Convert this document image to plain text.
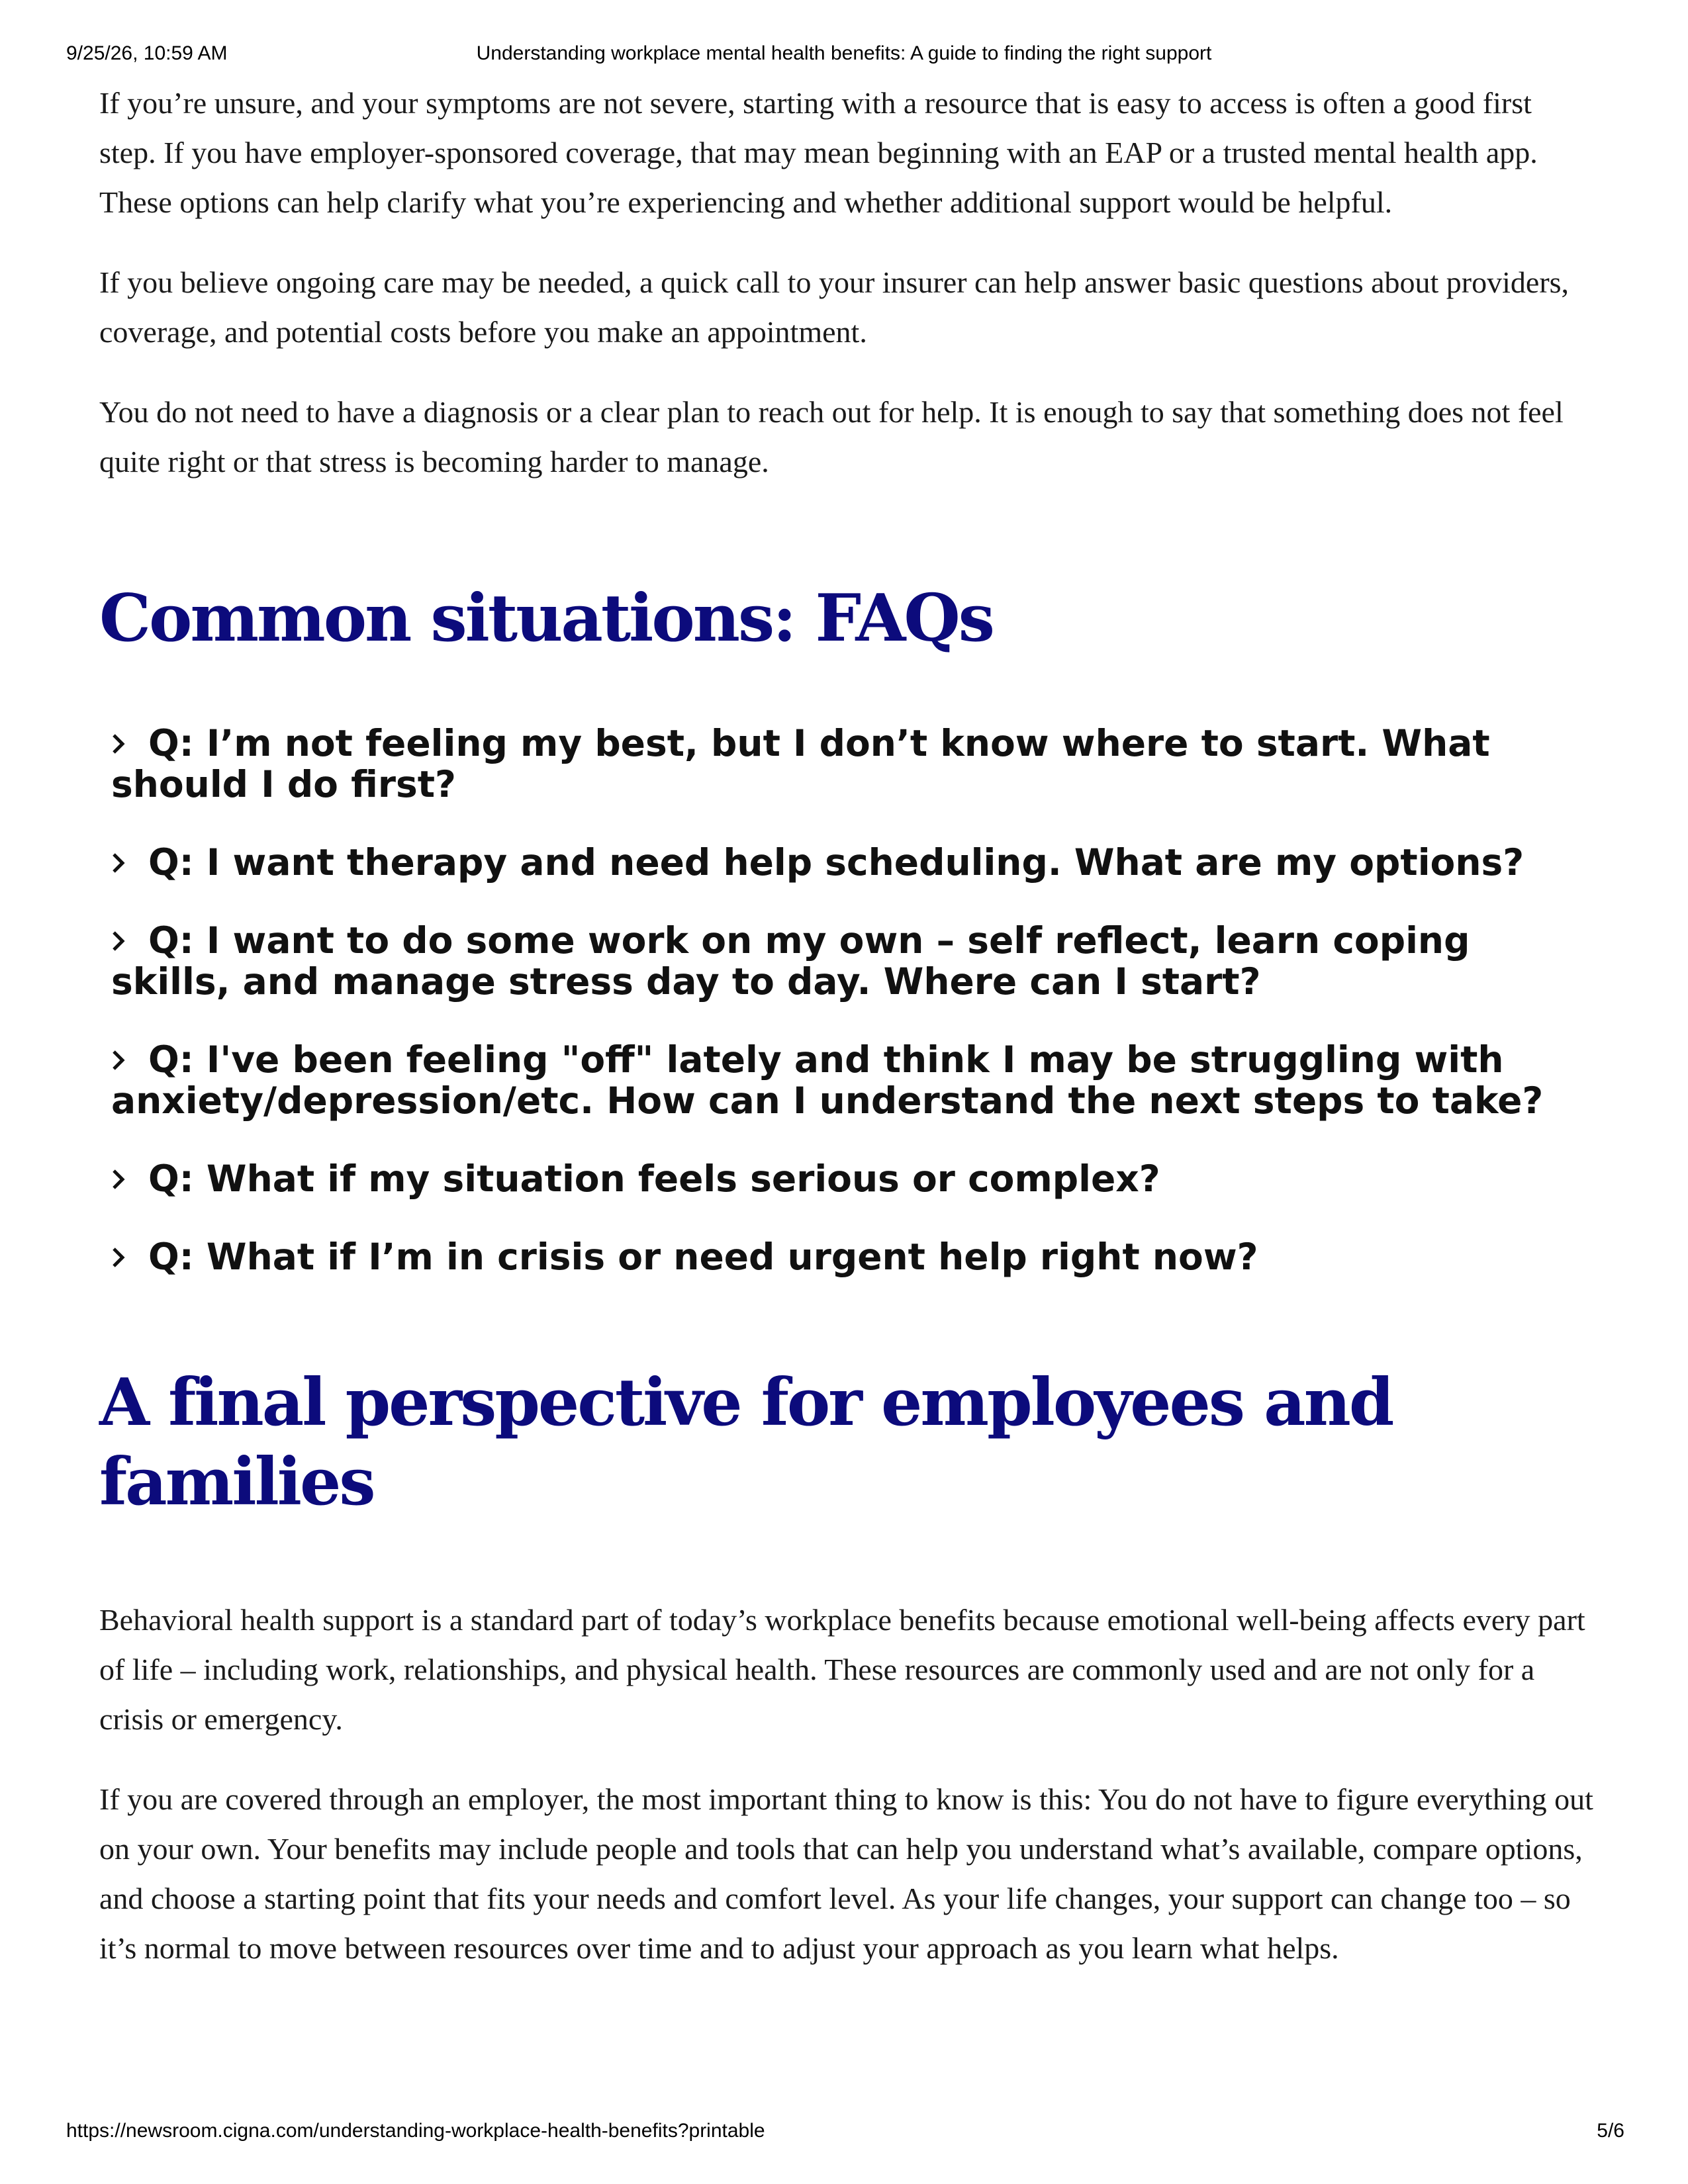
9/25/26, 10:59 AM	Understanding workplace mental health benefits: A guide to finding the right support

If you’re unsure, and your symptoms are not severe, starting with a resource that is easy to access is often a good first step. If you have employer-sponsored coverage, that may mean beginning with an EAP or a trusted mental health app. These options can help clarify what you’re experiencing and whether additional support would be helpful.

If you believe ongoing care may be needed, a quick call to your insurer can help answer basic questions about providers, coverage, and potential costs before you make an appointment.

You do not need to have a diagnosis or a clear plan to reach out for help. It is enough to say that something does not feel quite right or that stress is becoming harder to manage.

Common situations: FAQs
Q: I’m not feeling my best, but I don’t know where to start. What should I do first?
Q: I want therapy and need help scheduling. What are my options?
Q: I want to do some work on my own – self reflect, learn coping skills, and manage stress day to day. Where can I start?
Q: I've been feeling "off" lately and think I may be struggling with anxiety/depression/etc. How can I understand the next steps to take?
Q: What if my situation feels serious or complex?
Q: What if I’m in crisis or need urgent help right now?
A final perspective for employees and families

Behavioral health support is a standard part of today’s workplace benefits because emotional well-being affects every part of life – including work, relationships, and physical health. These resources are commonly used and are not only for a crisis or emergency.

If you are covered through an employer, the most important thing to know is this: You do not have to figure everything out on your own. Your benefits may include people and tools that can help you understand what’s available, compare options, and choose a starting point that fits your needs and comfort level. As your life changes, your support can change too – so it’s normal to move between resources over time and to adjust your approach as you learn what helps.

https://newsroom.cigna.com/understanding-workplace-health-benefits?printable	5/6
